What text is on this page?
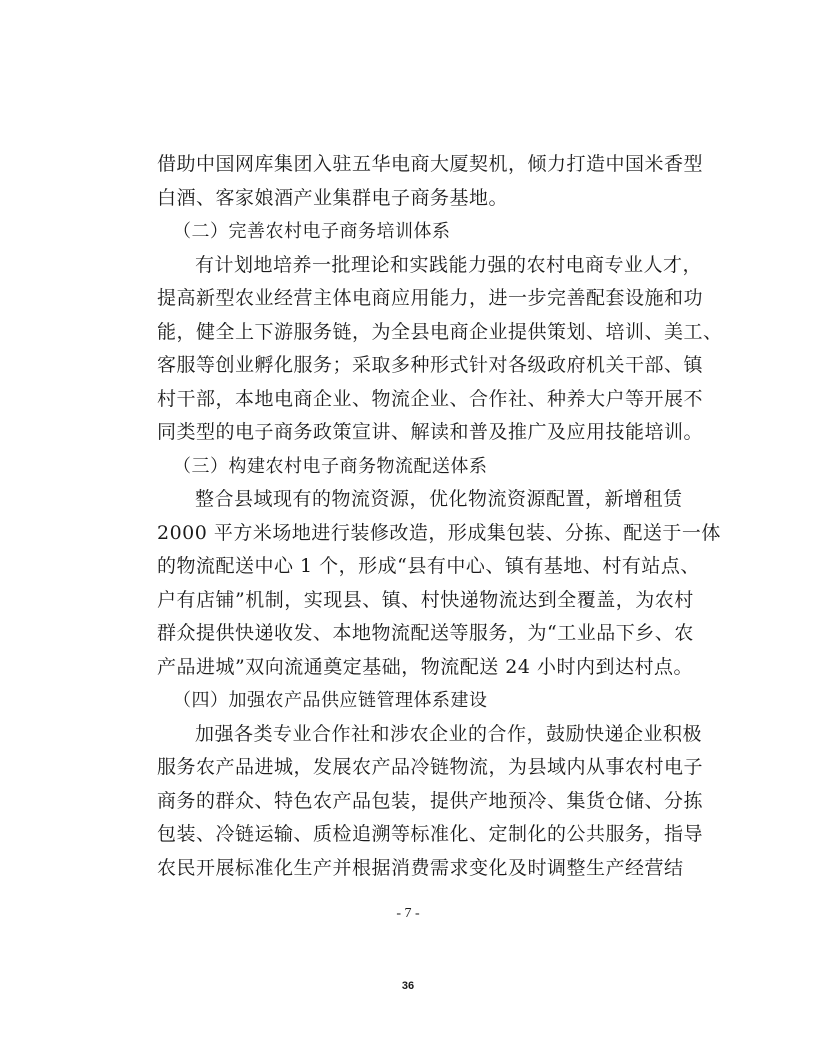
借助中国网库集团入驻五华电商大厦契机，倾力打造中国米香型
白酒、客家娘酒产业集群电子商务基地。
（二）完善农村电子商务培训体系
有计划地培养一批理论和实践能力强的农村电商专业人才，
提高新型农业经营主体电商应用能力，进一步完善配套设施和功
能，健全上下游服务链，为全县电商企业提供策划、培训、美工、
客服等创业孵化服务；采取多种形式针对各级政府机关干部、镇
村干部，本地电商企业、物流企业、合作社、种养大户等开展不
同类型的电子商务政策宣讲、解读和普及推广及应用技能培训。
（三）构建农村电子商务物流配送体系
整合县域现有的物流资源，优化物流资源配置，新增租赁
2000 平方米场地进行装修改造，形成集包装、分拣、配送于一体
的物流配送中心 1 个，形成“县有中心、镇有基地、村有站点、
户有店铺”机制，实现县、镇、村快递物流达到全覆盖，为农村
群众提供快递收发、本地物流配送等服务，为“工业品下乡、农
产品进城”双向流通奠定基础，物流配送 24 小时内到达村点。
（四）加强农产品供应链管理体系建设
加强各类专业合作社和涉农企业的合作，鼓励快递企业积极
服务农产品进城，发展农产品冷链物流，为县域内从事农村电子
商务的群众、特色农产品包装，提供产地预冷、集货仓储、分拣
包装、冷链运输、质检追溯等标准化、定制化的公共服务，指导
农民开展标准化生产并根据消费需求变化及时调整生产经营结
- 7 -
36
